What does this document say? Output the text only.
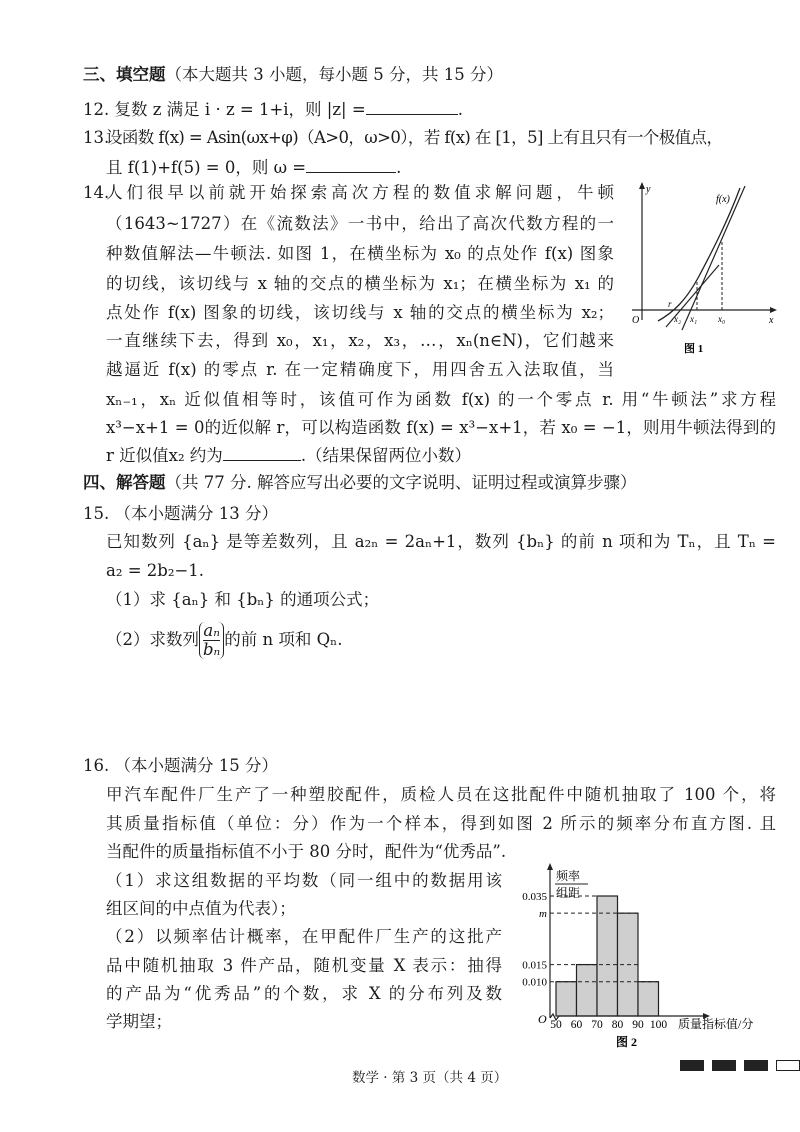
三、填空题（本大题共 3 小题，每小题 5 分，共 15 分）
12. 复数 z 满足 i · z = 1+i，则 |z| =	.
13.
设函数 f(x) = Asin(ωx+φ)（A>0，ω>0），若 f(x) 在 [1，5] 上有且只有一个极值点，
且 f(1)+f(5) = 0，则 ω =	.
14.
人们很早以前就开始探索高次方程的数值求解问题，牛顿
（1643~1727）在《流数法》一书中，给出了高次代数方程的一
种数值解法—牛顿法. 如图 1，在横坐标为 x₀ 的点处作 f(x) 图象
的切线，该切线与 x 轴的交点的横坐标为 x₁；在横坐标为 x₁ 的
点处作 f(x) 图象的切线，该切线与 x 轴的交点的横坐标为 x₂；
一直继续下去，得到 x₀，x₁，x₂，x₃，…，xₙ(n∈N)，它们越来
越逼近 f(x) 的零点 r. 在一定精确度下，用四舍五入法取值，当
xₙ₋₁，xₙ 近似值相等时，该值可作为函数 f(x) 的一个零点 r. 用“牛顿法”求方程
x³−x+1 = 0的近似解 r，可以构造函数 f(x) = x³−x+1，若 x₀ = −1，则用牛顿法得到的
r 近似值x₂ 约为	.（结果保留两位小数）
y
x
O
f(x)
r
x₂ x₁ x₀
图 1
四、解答题（共 77 分. 解答应写出必要的文字说明、证明过程或演算步骤）
15. （本小题满分 13 分）
已知数列 {aₙ} 是等差数列，且 a₂ₙ = 2aₙ+1，数列 {bₙ} 的前 n 项和为 Tₙ，且 Tₙ =
a₂ = 2b₂−1.
（1）求 {aₙ} 和 {bₙ} 的通项公式；
（2）求数列 $\frac{\text{aₙ}}{\text{bₙ}}$ 的前 n 项和 Qₙ.
16. （本小题满分 15 分）
甲汽车配件厂生产了一种塑胶配件，质检人员在这批配件中随机抽取了 100 个，将
其质量指标值（单位：分）作为一个样本，得到如图 2 所示的频率分布直方图. 且
当配件的质量指标值不小于 80 分时，配件为“优秀品”.
（1）求这组数据的平均数（同一组中的数据用该
组区间的中点值为代表）；
（2）以频率估计概率，在甲配件厂生产的这批产
品中随机抽取 3 件产品，随机变量 X 表示：抽得
的产品为“优秀品”的个数，求 X 的分布列及数
学期望；
频率
组距
O
0.035
m
0.015
0.010
50 60 70 80 90 100 质量指标值/分
图 2
数学 · 第 3 页（共 4 页）
